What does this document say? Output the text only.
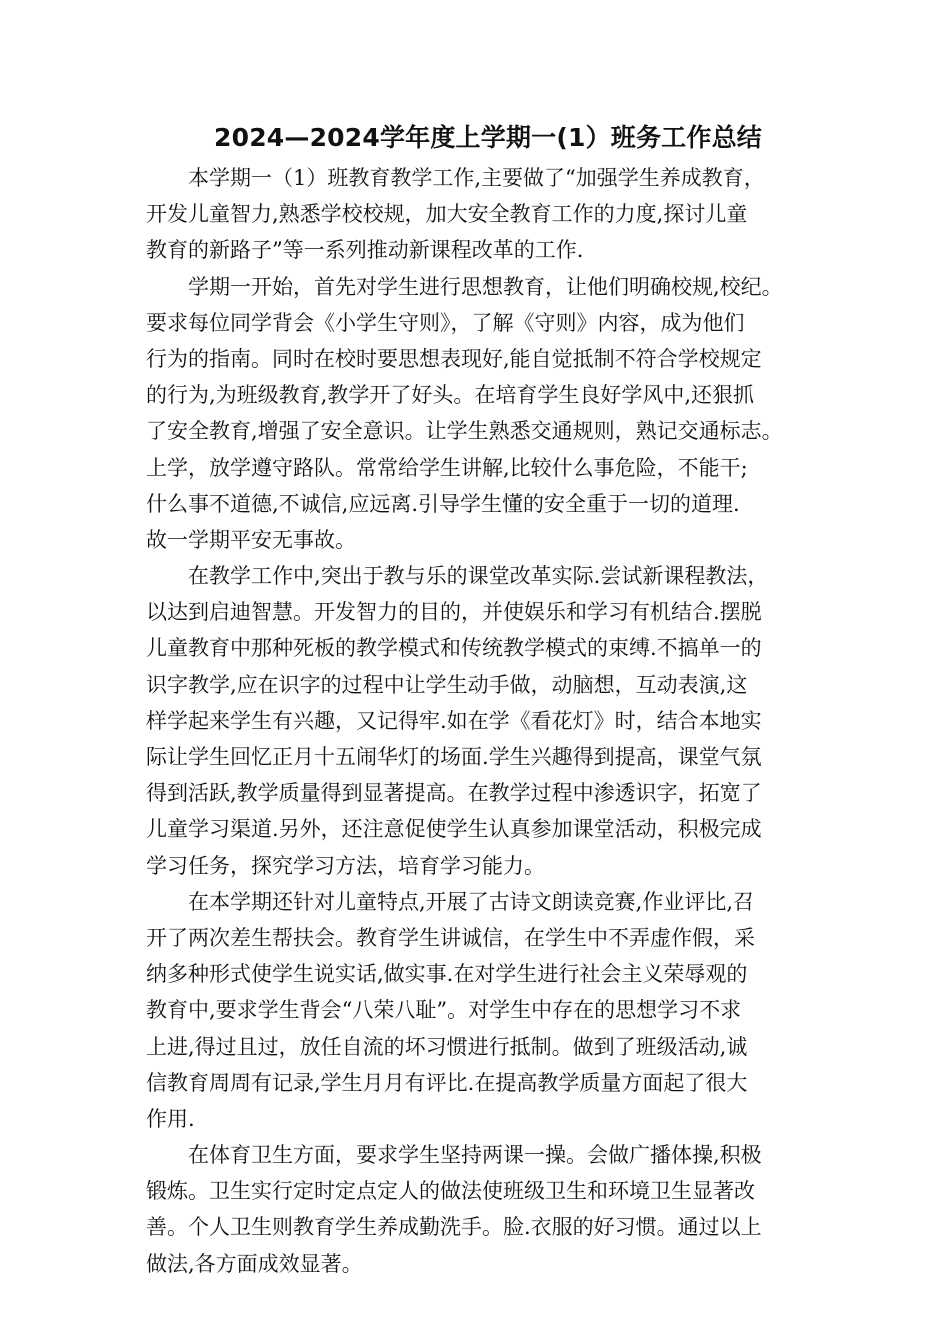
2024—2024学年度上学期一(1）班务工作总结
本学期一（1）班教育教学工作,主要做了“加强学生养成教育，
开发儿童智力,熟悉学校校规，加大安全教育工作的力度,探讨儿童
教育的新路子”等一系列推动新课程改革的工作.
学期一开始，首先对学生进行思想教育，让他们明确校规,校纪。
要求每位同学背会《小学生守则》，了解《守则》内容，成为他们
行为的指南。同时在校时要思想表现好,能自觉抵制不符合学校规定
的行为,为班级教育,教学开了好头。在培育学生良好学风中,还狠抓
了安全教育,增强了安全意识。让学生熟悉交通规则，熟记交通标志。
上学，放学遵守路队。常常给学生讲解,比较什么事危险，不能干;
什么事不道德,不诚信,应远离.引导学生懂的安全重于一切的道理.
故一学期平安无事故。
在教学工作中,突出于教与乐的课堂改革实际.尝试新课程教法，
以达到启迪智慧。开发智力的目的，并使娱乐和学习有机结合.摆脱
儿童教育中那种死板的教学模式和传统教学模式的束缚.不搞单一的
识字教学,应在识字的过程中让学生动手做，动脑想，互动表演,这
样学起来学生有兴趣，又记得牢.如在学《看花灯》时，结合本地实
际让学生回忆正月十五闹华灯的场面.学生兴趣得到提高，课堂气氛
得到活跃,教学质量得到显著提高。在教学过程中渗透识字，拓宽了
儿童学习渠道.另外，还注意促使学生认真参加课堂活动，积极完成
学习任务，探究学习方法，培育学习能力。
在本学期还针对儿童特点,开展了古诗文朗读竞赛,作业评比,召
开了两次差生帮扶会。教育学生讲诚信，在学生中不弄虚作假，采
纳多种形式使学生说实话,做实事.在对学生进行社会主义荣辱观的
教育中,要求学生背会“八荣八耻”。对学生中存在的思想学习不求
上进,得过且过，放任自流的坏习惯进行抵制。做到了班级活动,诚
信教育周周有记录,学生月月有评比.在提高教学质量方面起了很大
作用.
在体育卫生方面，要求学生坚持两课一操。会做广播体操,积极
锻炼。卫生实行定时定点定人的做法使班级卫生和环境卫生显著改
善。个人卫生则教育学生养成勤洗手。脸.衣服的好习惯。通过以上
做法,各方面成效显著。
